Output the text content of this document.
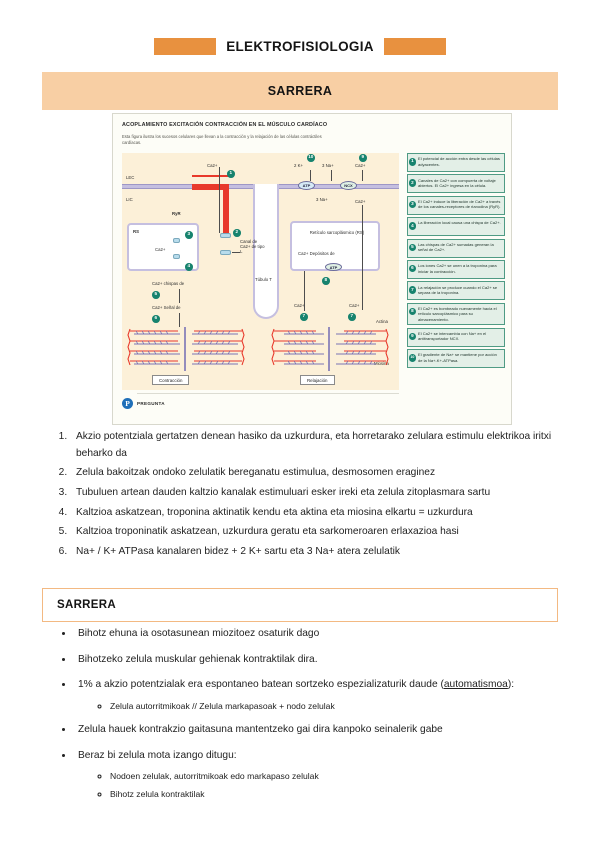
ELEKTROFISIOLOGIA
SARRERA
ACOPLAMIENTO EXCITACIÓN CONTRACCIÓN EN EL MÚSCULO CARDÍACO
Esta figura ilustra los sucesos celulares que llevan a la contracción y la relajación de las células contráctiles cardíacas.
Retículo sarcoplásmico (RS)
Ca2+ Depósitos de
ATP
ATP	NCX
LEC
LIC
RyR
RS
Ca2+
Ca2+
Canal de Ca2+ de tipo L
Túbulo T
2 K+	3 Na+
3 Na+
Ca2+
Ca2+
Ca2+ chispas de
Ca2+ Señal de	Ca2+	Ca2+
Actina
Miosina
Contracción	Relajación
1
2
3
4
5
6	7	7
8
9
10
1	El potencial de acción entra desde las células adyacentes.
2	Canales de Ca2+ con compuerta de voltaje abiertos. El Ca2+ ingresa en la célula.
3	El Ca2+ induce la liberación de Ca2+ a través de los canales-receptores de rianodina (RyR).
4	La liberación local causa una chispa de Ca2+.
5	Las chispas de Ca2+ sumadas generan la señal de Ca2+.
6	Los iones Ca2+ se unen a la troponina para iniciar la contracción.
7	La relajación se produce cuando el Ca2+ se separa de la troponina.
8	El Ca2+ es bombeado nuevamente hacia el retículo sarcoplásmico para su almacenamiento.
9	El Ca2+ se intercambia con Na+ en el antitransportador NCX.
10 El gradiente de Na+ se mantiene por acción de la Na+-K+-ATPasa.
P	PREGUNTA
1. Akzio potentziala gertatzen denean hasiko da uzkurdura, eta horretarako zelulara estimulu elektrikoa iritxi beharko da
2. Zelula bakoitzak ondoko zelulatik bereganatu estimulua, desmosomen eraginez
3. Tubuluen artean dauden kaltzio kanalak estimuluari esker ireki eta zelula zitoplasmara sartu
4. Kaltzioa askatzean, troponina aktinatik kendu eta aktina eta miosina elkartu = uzkurdura
5. Kaltzioa troponinatik askatzean, uzkurdura geratu eta sarkomeroaren erlaxazioa hasi
6. Na+ / K+ ATPasa kanalaren bidez + 2 K+ sartu eta 3 Na+ atera zelulatik
SARRERA
• Bihotz ehuna ia osotasunean miozitoez osaturik dago
• Bihotzeko zelula muskular gehienak kontraktilak dira.
• 1% a akzio potentzialak era espontaneo batean sortzeko espezializaturik daude (automatismoa):
◦ Zelula autorritmikoak // Zelula markapasoak + nodo zelulak
• Zelula hauek kontrakzio gaitasuna mantentzeko gai dira kanpoko seinalerik gabe
• Beraz bi zelula mota izango ditugu:
◦ Nodoen zelulak, autorritmikoak edo markapaso zelulak
◦ Bihotz zelula kontraktilak
